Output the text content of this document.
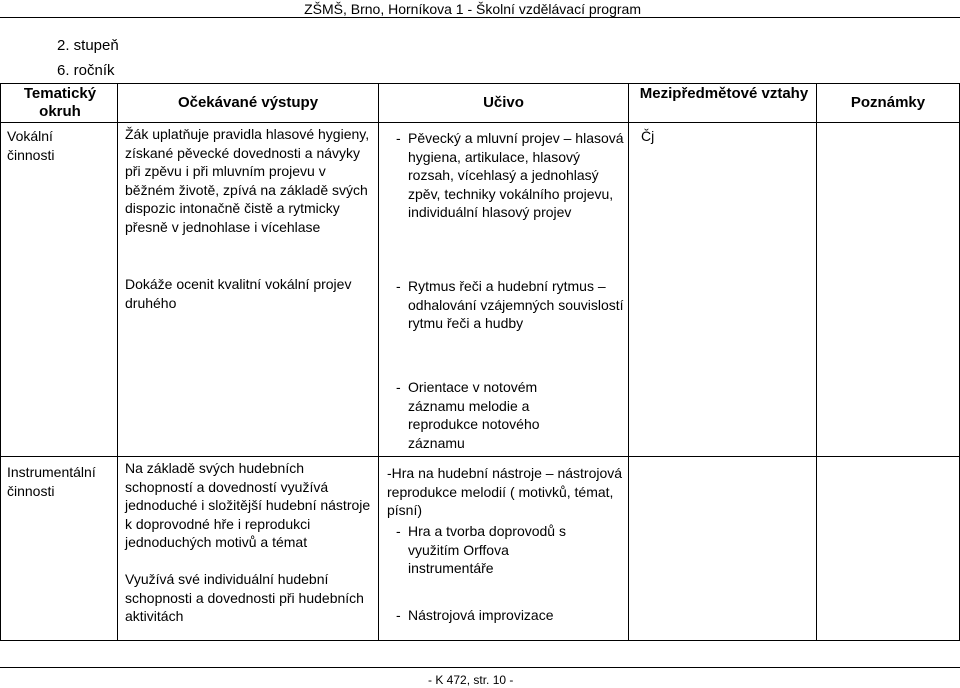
ZŠMŠ, Brno, Horníkova 1 - Školní vzdělávací program
2. stupeň
6. ročník
Tematický okruh
Očekávané výstupy	Učivo
Mezipředmětové vztahy
Poznámky
Vokální činnosti
Žák uplatňuje pravidla hlasové hygieny, získané pěvecké dovednosti a návyky při zpěvu i při mluvním projevu v běžném životě, zpívá na základě svých dispozic intonačně čistě a rytmicky přesně v jednohlase i vícehlase
Dokáže ocenit kvalitní vokální projev druhého
- Pěvecký a mluvní projev – hlasová hygiena, artikulace, hlasový rozsah, vícehlasý a jednohlasý zpěv, techniky vokálního projevu, individuální hlasový projev
- Rytmus řeči a hudební rytmus – odhalování vzájemných souvislostí rytmu řeči a hudby
- Orientace v notovém záznamu melodie a reprodukce notového záznamu
Čj
Instrumentální činnosti
Na základě svých hudebních schopností a dovedností využívá jednoduché i složitější hudební nástroje k doprovodné hře i reprodukci jednoduchých motivů a témat
Využívá své individuální hudební schopnosti a dovednosti při hudebních aktivitách
-Hra na hudební nástroje – nástrojová reprodukce melodií ( motivků, témat, písní)
- Hra a tvorba doprovodů s využitím Orffova instrumentáře
- Nástrojová improvizace
- K 472, str. 10 -
